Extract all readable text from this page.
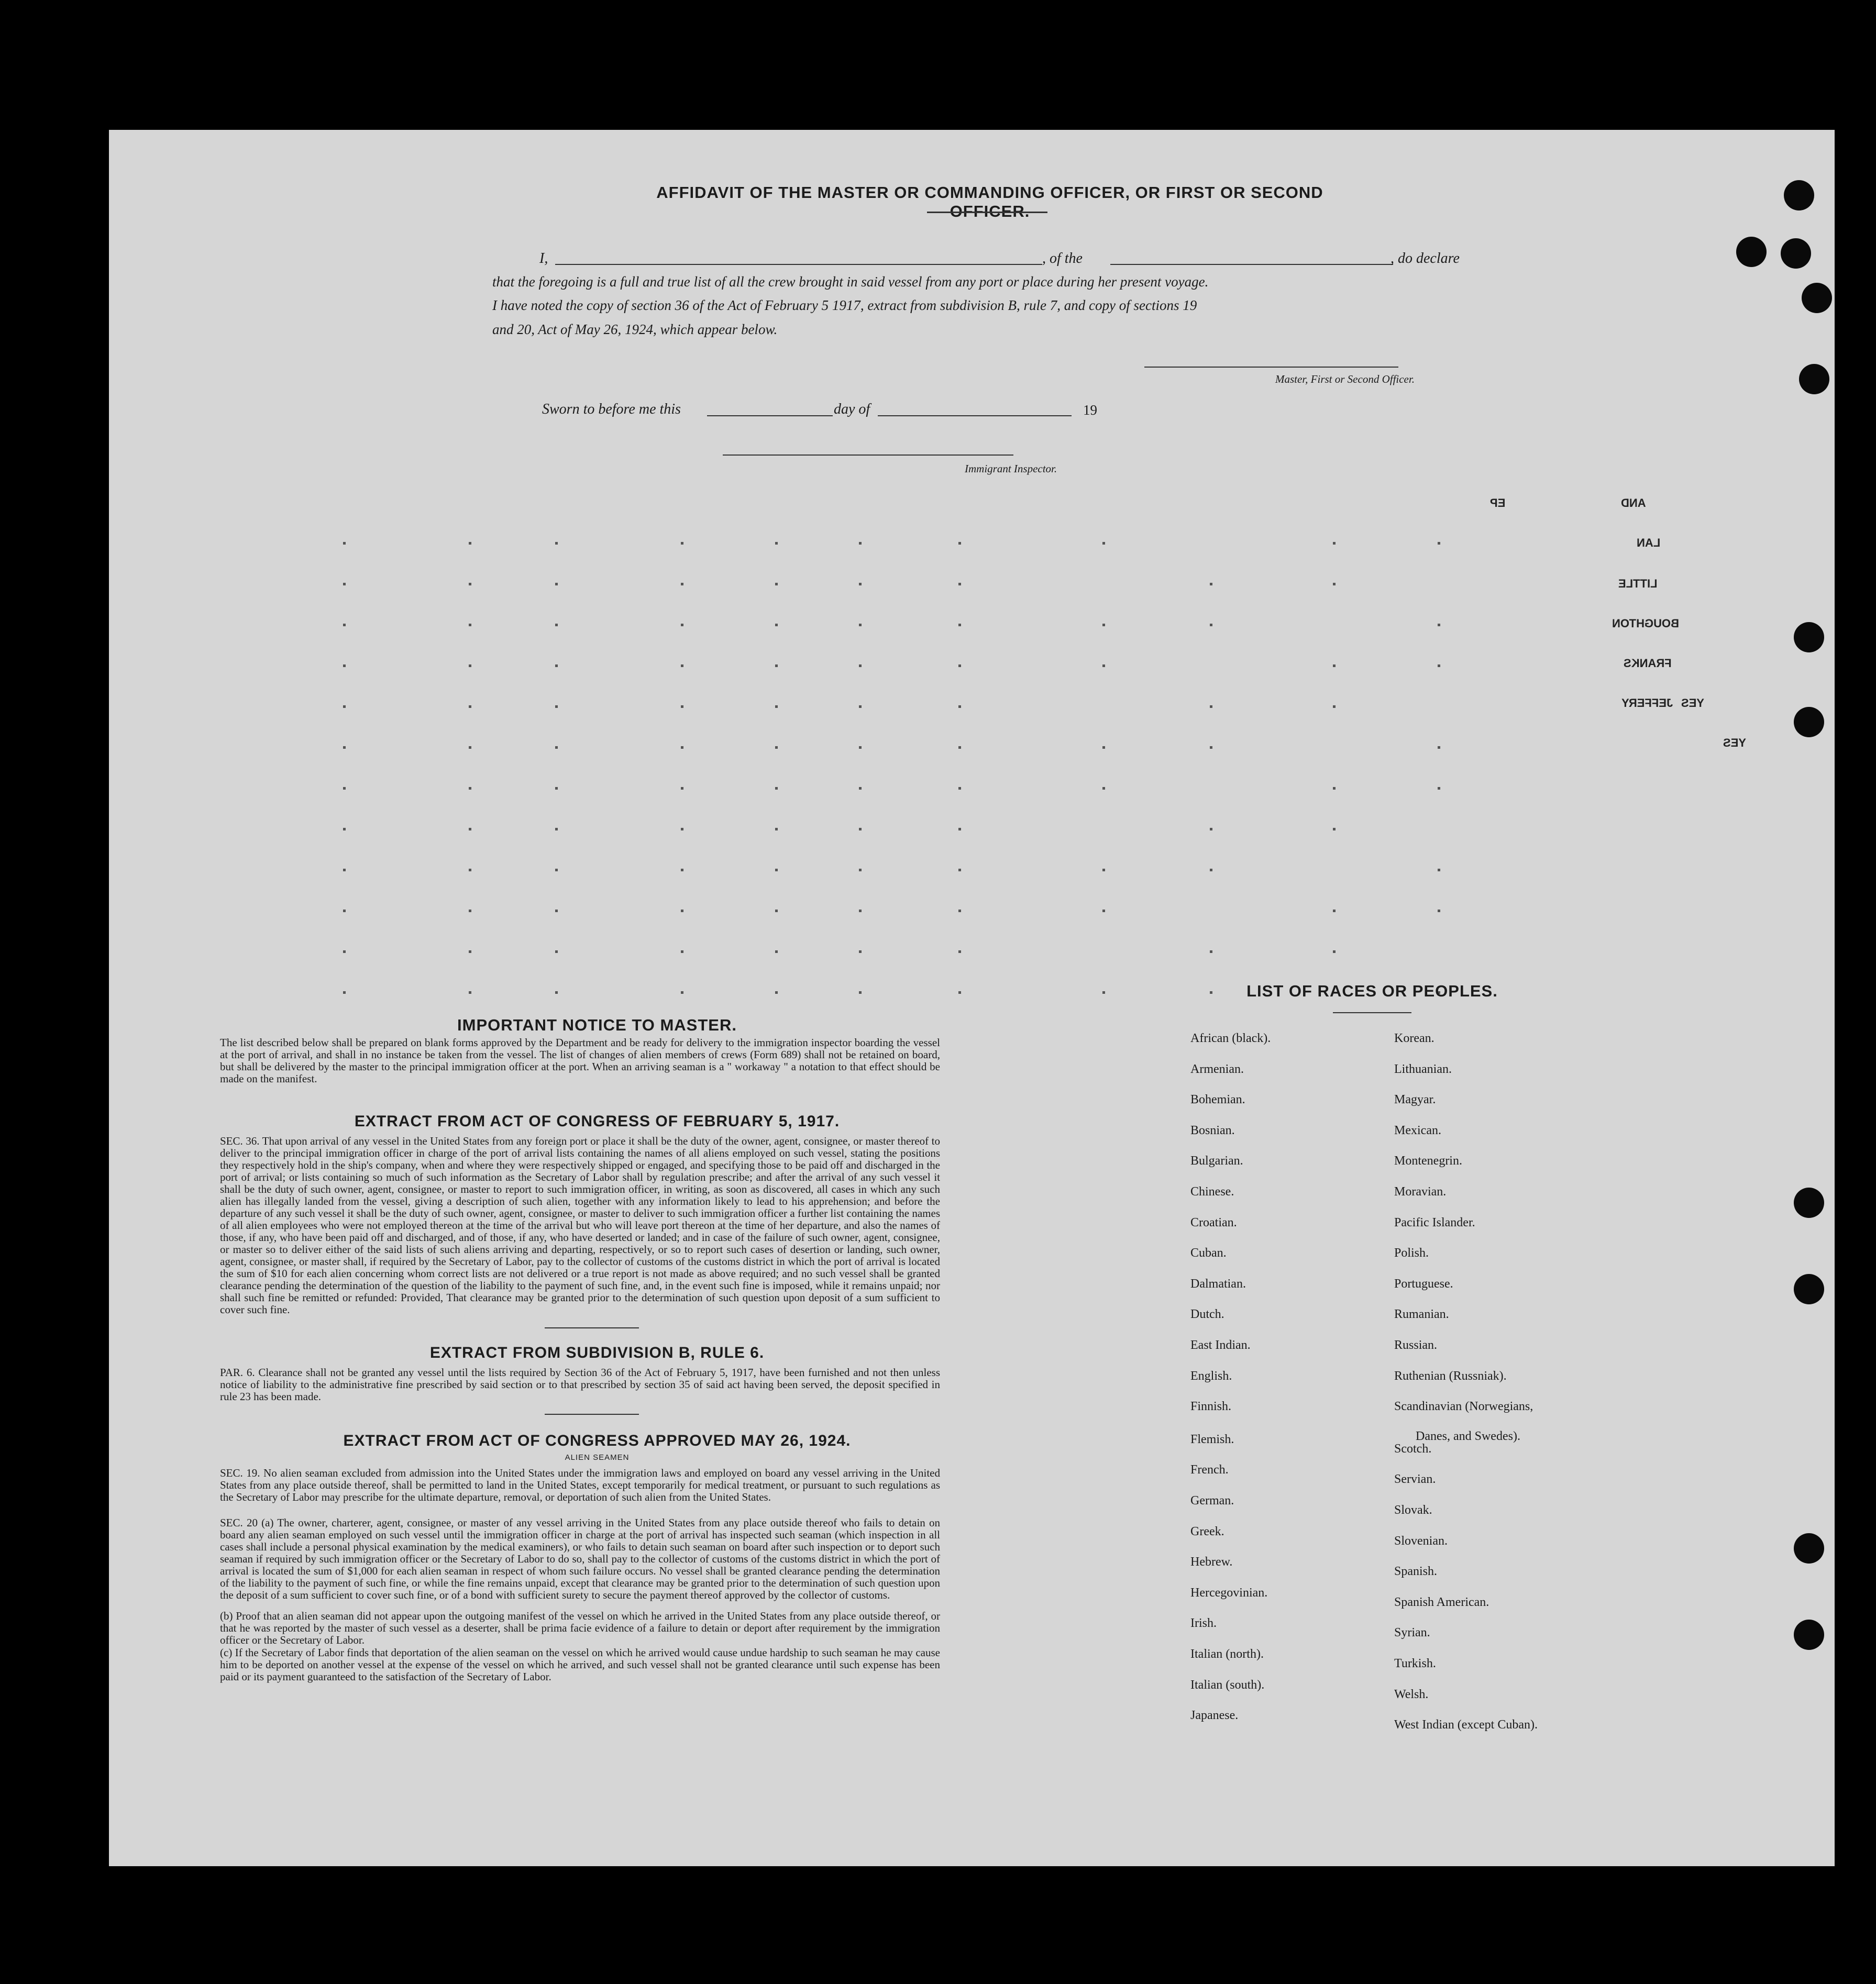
AFFIDAVIT OF THE MASTER OR COMMANDING OFFICER, OR FIRST OR SECOND OFFICER.
I,	, of the	, do declare
that the foregoing is a full and true list of all the crew brought in said vessel from any port or place during her present voyage.
I have noted the copy of section 36 of the Act of February 5 1917, extract from subdivision B, rule 7, and copy of sections 19
and 20, Act of May 26, 1924, which appear below.
Master, First or Second Officer.
Sworn to before me this	day of	19
Immigrant Inspector.
EP	AND
LAN
LITTLE
BOUGHTON
FRANKS
JEFFERY YES
YES
IMPORTANT NOTICE TO MASTER.
The list described below shall be prepared on blank forms approved by the Department and be ready for delivery to the immigration inspector boarding the vessel at the port of arrival, and shall in no instance be taken from the vessel. The list of changes of alien members of crews (Form 689) shall not be retained on board, but shall be delivered by the master to the principal immigration officer at the port. When an arriving seaman is a " workaway " a notation to that effect should be made on the manifest.
EXTRACT FROM ACT OF CONGRESS OF FEBRUARY 5, 1917.
SEC. 36. That upon arrival of any vessel in the United States from any foreign port or place it shall be the duty of the owner, agent, consignee, or master thereof to deliver to the principal immigration officer in charge of the port of arrival lists containing the names of all aliens employed on such vessel, stating the positions they respectively hold in the ship's company, when and where they were respectively shipped or engaged, and specifying those to be paid off and discharged in the port of arrival; or lists containing so much of such information as the Secretary of Labor shall by regulation prescribe; and after the arrival of any such vessel it shall be the duty of such owner, agent, consignee, or master to report to such immigration officer, in writing, as soon as discovered, all cases in which any such alien has illegally landed from the vessel, giving a description of such alien, together with any information likely to lead to his apprehension; and before the departure of any such vessel it shall be the duty of such owner, agent, consignee, or master to deliver to such immigration officer a further list containing the names of all alien employees who were not employed thereon at the time of the arrival but who will leave port thereon at the time of her departure, and also the names of those, if any, who have been paid off and discharged, and of those, if any, who have deserted or landed; and in case of the failure of such owner, agent, consignee, or master so to deliver either of the said lists of such aliens arriving and departing, respectively, or so to report such cases of desertion or landing, such owner, agent, consignee, or master shall, if required by the Secretary of Labor, pay to the collector of customs of the customs district in which the port of arrival is located the sum of $10 for each alien concerning whom correct lists are not delivered or a true report is not made as above required; and no such vessel shall be granted clearance pending the determination of the question of the liability to the payment of such fine, and, in the event such fine is imposed, while it remains unpaid; nor shall such fine be remitted or refunded: Provided, That clearance may be granted prior to the determination of such question upon deposit of a sum sufficient to cover such fine.
EXTRACT FROM SUBDIVISION B, RULE 6.
PAR. 6. Clearance shall not be granted any vessel until the lists required by Section 36 of the Act of February 5, 1917, have been furnished and not then unless notice of liability to the administrative fine prescribed by said section or to that prescribed by section 35 of said act having been served, the deposit specified in rule 23 has been made.
EXTRACT FROM ACT OF CONGRESS APPROVED MAY 26, 1924.
ALIEN SEAMEN
SEC. 19. No alien seaman excluded from admission into the United States under the immigration laws and employed on board any vessel arriving in the United States from any place outside thereof, shall be permitted to land in the United States, except temporarily for medical treatment, or pursuant to such regulations as the Secretary of Labor may prescribe for the ultimate departure, removal, or deportation of such alien from the United States.
SEC. 20 (a) The owner, charterer, agent, consignee, or master of any vessel arriving in the United States from any place outside thereof who fails to detain on board any alien seaman employed on such vessel until the immigration officer in charge at the port of arrival has inspected such seaman (which inspection in all cases shall include a personal physical examination by the medical examiners), or who fails to detain such seaman on board after such inspection or to deport such seaman if required by such immigration officer or the Secretary of Labor to do so, shall pay to the collector of customs of the customs district in which the port of arrival is located the sum of $1,000 for each alien seaman in respect of whom such failure occurs. No vessel shall be granted clearance pending the determination of the liability to the payment of such fine, or while the fine remains unpaid, except that clearance may be granted prior to the determination of such question upon the deposit of a sum sufficient to cover such fine, or of a bond with sufficient surety to secure the payment thereof approved by the collector of customs.
(b) Proof that an alien seaman did not appear upon the outgoing manifest of the vessel on which he arrived in the United States from any place outside thereof, or that he was reported by the master of such vessel as a deserter, shall be prima facie evidence of a failure to detain or deport after requirement by the immigration officer or the Secretary of Labor.
(c) If the Secretary of Labor finds that deportation of the alien seaman on the vessel on which he arrived would cause undue hardship to such seaman he may cause him to be deported on another vessel at the expense of the vessel on which he arrived, and such vessel shall not be granted clearance until such expense has been paid or its payment guaranteed to the satisfaction of the Secretary of Labor.
LIST OF RACES OR PEOPLES.
African (black).
Armenian.
Bohemian.
Bosnian.
Bulgarian.
Chinese.
Croatian.
Cuban.
Dalmatian.
Dutch.
East Indian.
English.
Finnish.
Flemish.
French.
German.
Greek.
Hebrew.
Hercegovinian.
Irish.
Italian (north).
Italian (south).
Japanese.
Korean.
Lithuanian.
Magyar.
Mexican.
Montenegrin.
Moravian.
Pacific Islander.
Polish.
Portuguese.
Rumanian.
Russian.
Ruthenian (Russniak).
Scandinavian (Norwegians,
Scotch.
Servian.
Slovak.
Slovenian.
Spanish.
Spanish American.
Syrian.
Turkish.
Welsh.
West Indian (except Cuban).
Danes, and Swedes).
